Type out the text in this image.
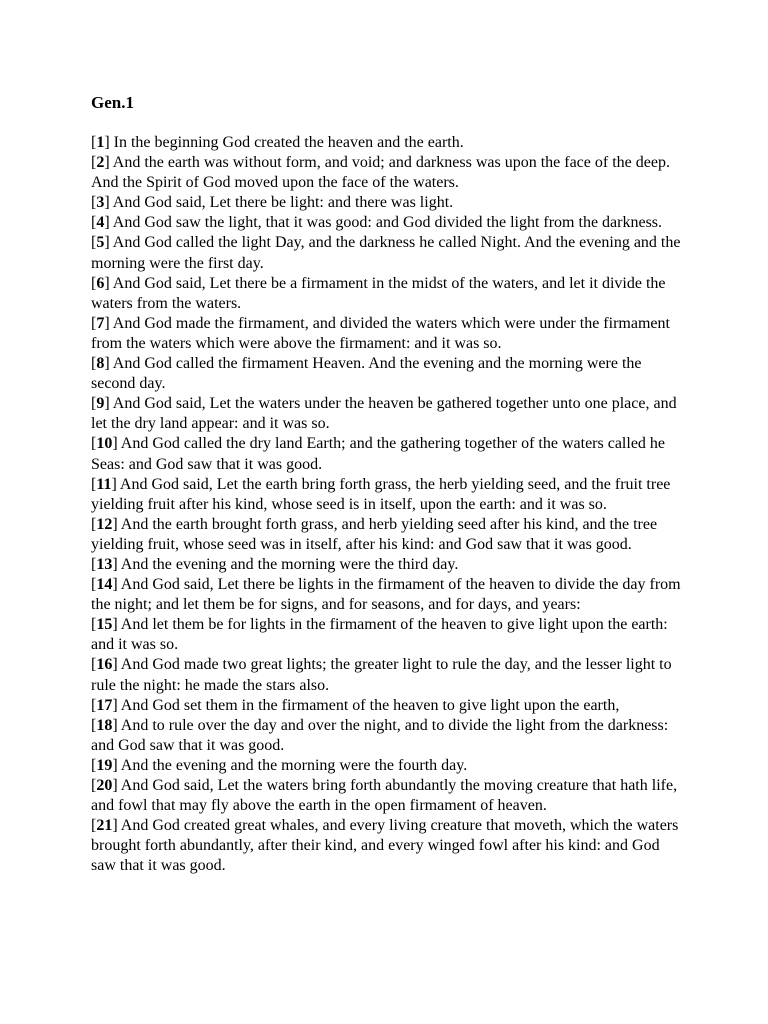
Gen.1

[1] In the beginning God created the heaven and the earth.

[2] And the earth was without form, and void; and darkness was upon the face of the deep. And the Spirit of God moved upon the face of the waters.

[3] And God said, Let there be light: and there was light.

[4] And God saw the light, that it was good: and God divided the light from the darkness.

[5] And God called the light Day, and the darkness he called Night. And the evening and the morning were the first day.

[6] And God said, Let there be a firmament in the midst of the waters, and let it divide the waters from the waters.

[7] And God made the firmament, and divided the waters which were under the firmament from the waters which were above the firmament: and it was so.

[8] And God called the firmament Heaven. And the evening and the morning were the second day.

[9] And God said, Let the waters under the heaven be gathered together unto one place, and let the dry land appear: and it was so.

[10] And God called the dry land Earth; and the gathering together of the waters called he Seas: and God saw that it was good.

[11] And God said, Let the earth bring forth grass, the herb yielding seed, and the fruit tree yielding fruit after his kind, whose seed is in itself, upon the earth: and it was so.

[12] And the earth brought forth grass, and herb yielding seed after his kind, and the tree yielding fruit, whose seed was in itself, after his kind: and God saw that it was good.

[13] And the evening and the morning were the third day.

[14] And God said, Let there be lights in the firmament of the heaven to divide the day from the night; and let them be for signs, and for seasons, and for days, and years:

[15] And let them be for lights in the firmament of the heaven to give light upon the earth: and it was so.

[16] And God made two great lights; the greater light to rule the day, and the lesser light to rule the night: he made the stars also.

[17] And God set them in the firmament of the heaven to give light upon the earth,

[18] And to rule over the day and over the night, and to divide the light from the darkness: and God saw that it was good.

[19] And the evening and the morning were the fourth day.

[20] And God said, Let the waters bring forth abundantly the moving creature that hath life, and fowl that may fly above the earth in the open firmament of heaven.

[21] And God created great whales, and every living creature that moveth, which the waters brought forth abundantly, after their kind, and every winged fowl after his kind: and God saw that it was good.
